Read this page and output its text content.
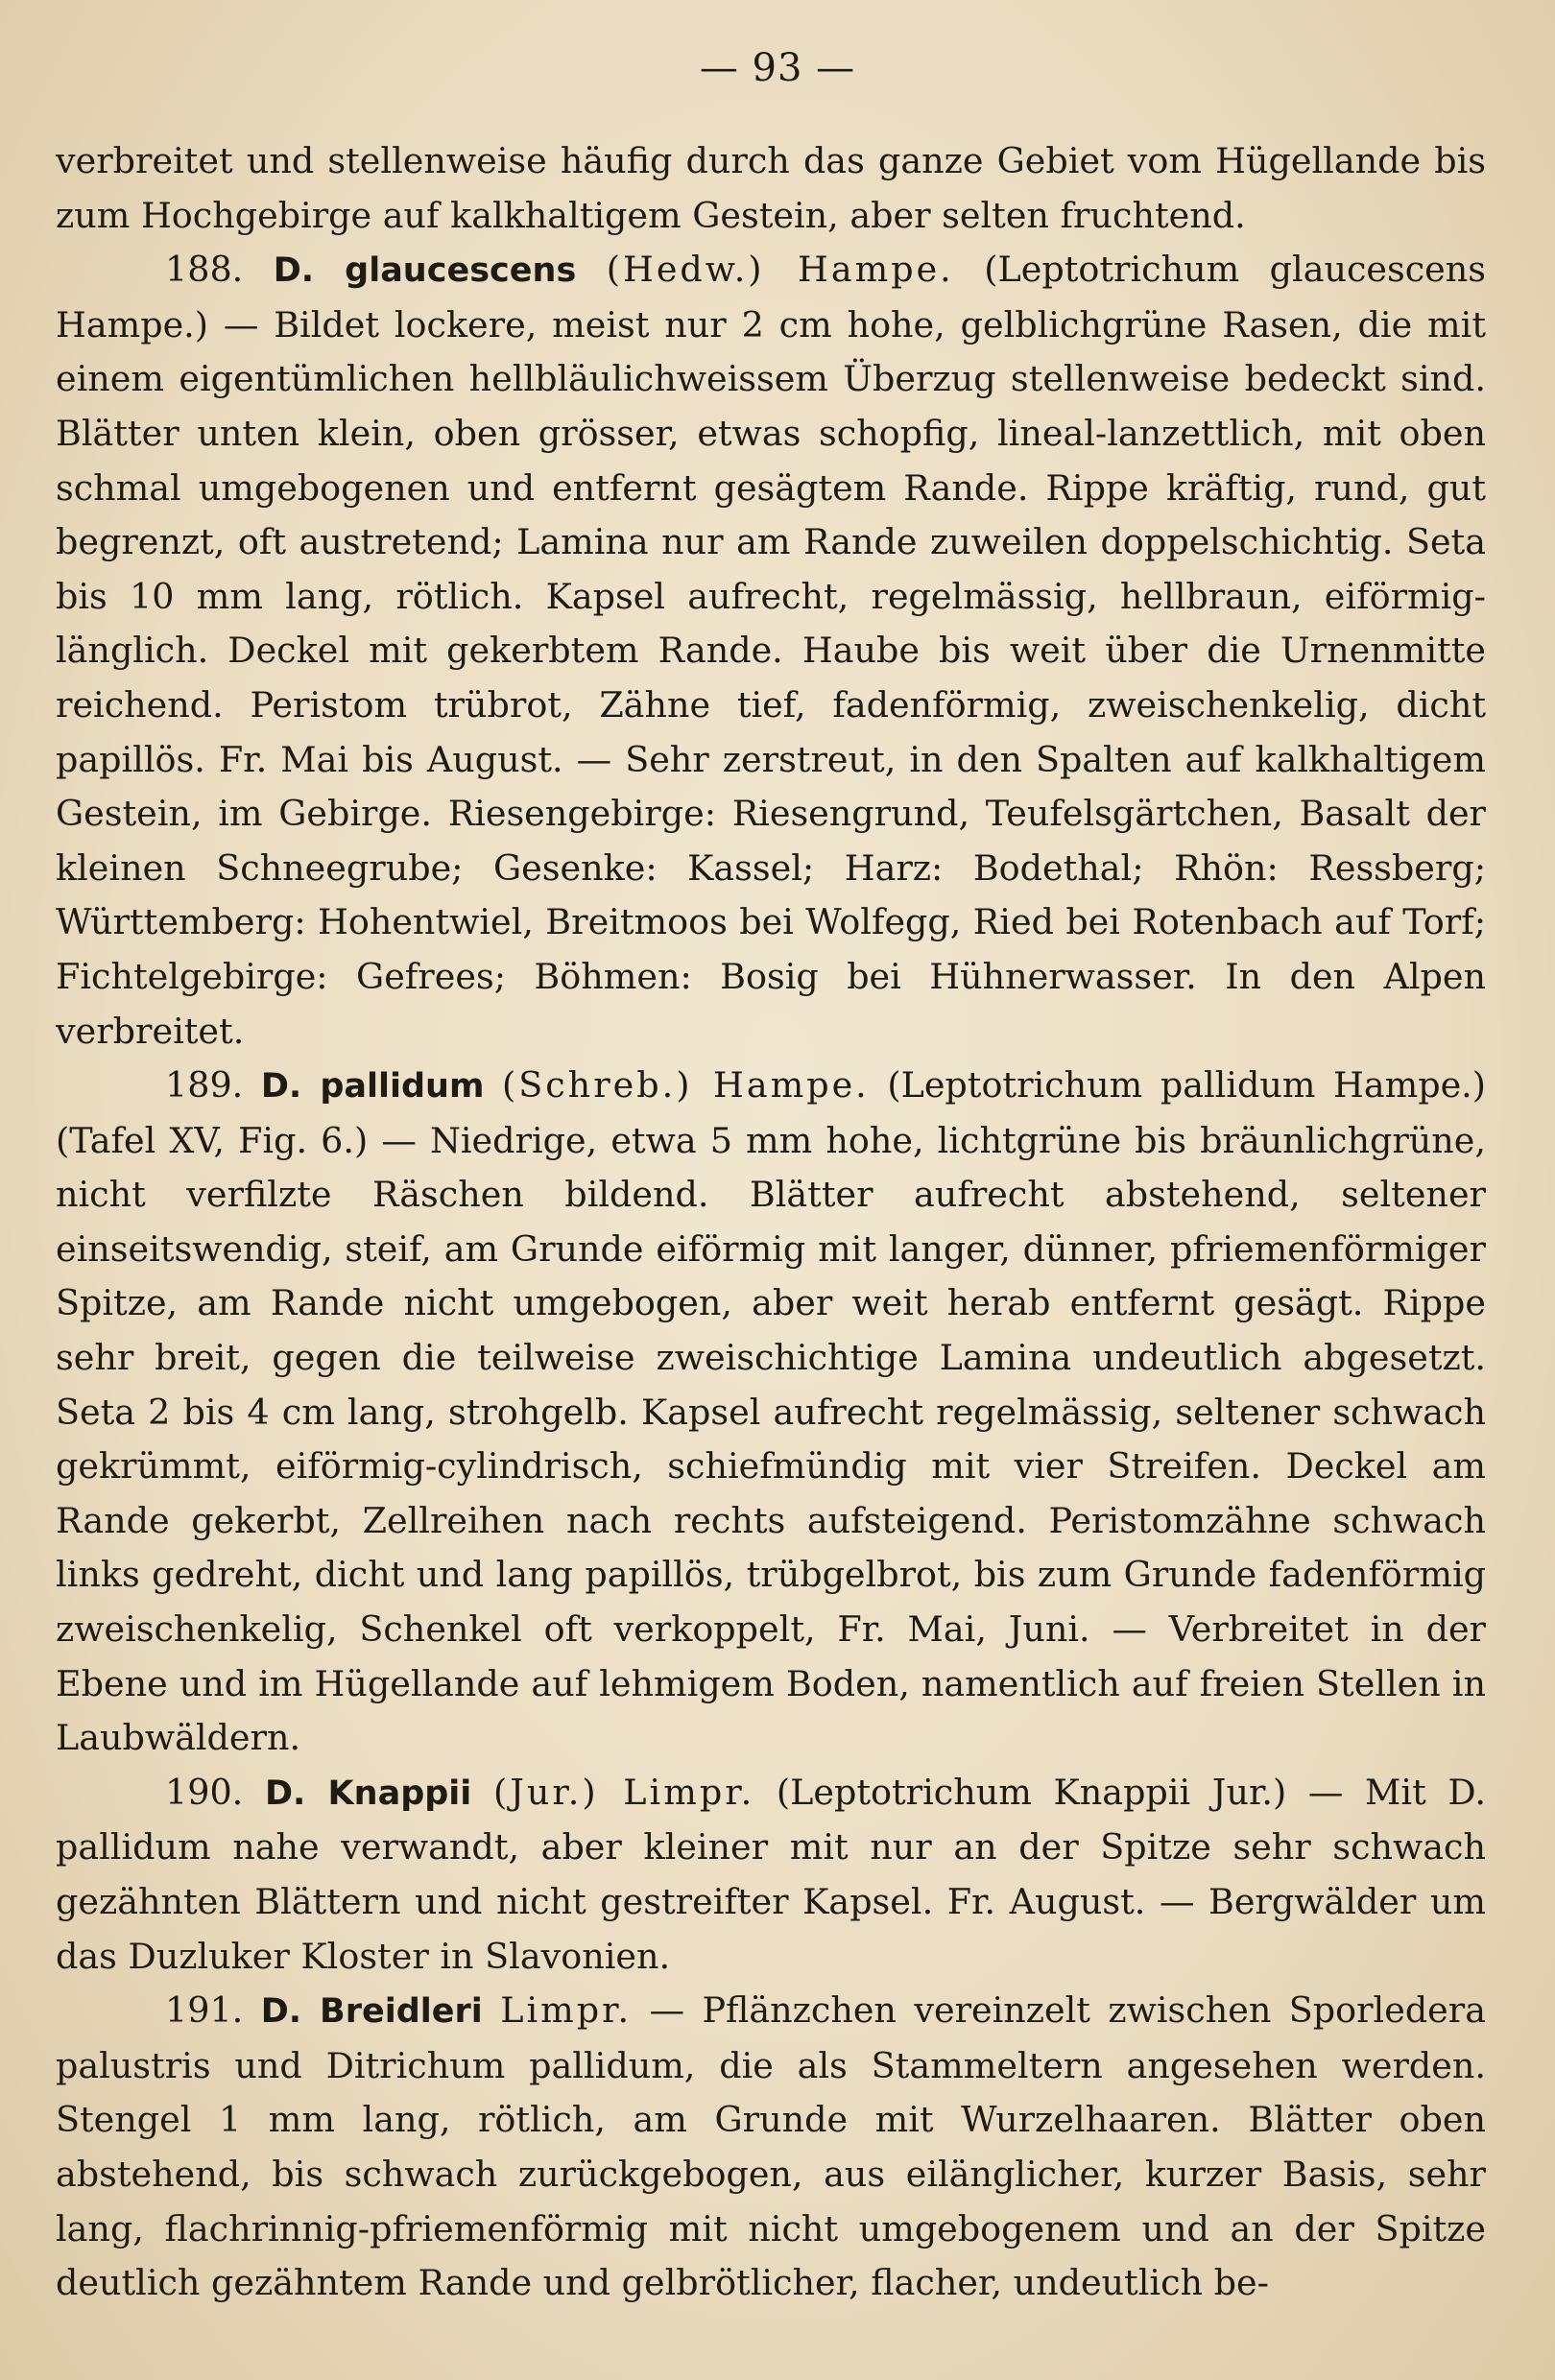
— 93 —

verbreitet und stellenweise häufig durch das ganze Gebiet vom Hügellande bis zum Hochgebirge auf kalkhaltigem Gestein, aber selten fruchtend.

188. D. glaucescens (Hedw.) Hampe. (Leptotrichum glaucescens Hampe.) — Bildet lockere, meist nur 2 cm hohe, gelblichgrüne Rasen, die mit einem eigentümlichen hellbläulichweissem Überzug stellenweise bedeckt sind. Blätter unten klein, oben grösser, etwas schopfig, lineal-lanzettlich, mit oben schmal umgebogenen und entfernt gesägtem Rande. Rippe kräftig, rund, gut begrenzt, oft austretend; Lamina nur am Rande zuweilen doppelschichtig. Seta bis 10 mm lang, rötlich. Kapsel aufrecht, regelmässig, hellbraun, eiförmig-länglich. Deckel mit gekerbtem Rande. Haube bis weit über die Urnenmitte reichend. Peristom trübrot, Zähne tief, fadenförmig, zweischenkelig, dicht papillös. Fr. Mai bis August. — Sehr zerstreut, in den Spalten auf kalkhaltigem Gestein, im Gebirge. Riesengebirge: Riesengrund, Teufelsgärtchen, Basalt der kleinen Schneegrube; Gesenke: Kassel; Harz: Bodethal; Rhön: Ressberg; Württemberg: Hohentwiel, Breitmoos bei Wolfegg, Ried bei Rotenbach auf Torf; Fichtelgebirge: Gefrees; Böhmen: Bosig bei Hühnerwasser. In den Alpen verbreitet.

189. D. pallidum (Schreb.) Hampe. (Leptotrichum pallidum Hampe.) (Tafel XV, Fig. 6.) — Niedrige, etwa 5 mm hohe, lichtgrüne bis bräunlichgrüne, nicht verfilzte Räschen bildend. Blätter aufrecht abstehend, seltener einseitswendig, steif, am Grunde eiförmig mit langer, dünner, pfriemenförmiger Spitze, am Rande nicht umgebogen, aber weit herab entfernt gesägt. Rippe sehr breit, gegen die teilweise zweischichtige Lamina undeutlich abgesetzt. Seta 2 bis 4 cm lang, strohgelb. Kapsel aufrecht regelmässig, seltener schwach gekrümmt, eiförmig-cylindrisch, schiefmündig mit vier Streifen. Deckel am Rande gekerbt, Zellreihen nach rechts aufsteigend. Peristomzähne schwach links gedreht, dicht und lang papillös, trübgelbrot, bis zum Grunde fadenförmig zweischenkelig, Schenkel oft verkoppelt, Fr. Mai, Juni. — Verbreitet in der Ebene und im Hügellande auf lehmigem Boden, namentlich auf freien Stellen in Laubwäldern.

190. D. Knappii (Jur.) Limpr. (Leptotrichum Knappii Jur.) — Mit D. pallidum nahe verwandt, aber kleiner mit nur an der Spitze sehr schwach gezähnten Blättern und nicht gestreifter Kapsel. Fr. August. — Bergwälder um das Duzluker Kloster in Slavonien.

191. D. Breidleri Limpr. — Pflänzchen vereinzelt zwischen Sporledera palustris und Ditrichum pallidum, die als Stammeltern angesehen werden. Stengel 1 mm lang, rötlich, am Grunde mit Wurzelhaaren. Blätter oben abstehend, bis schwach zurückgebogen, aus eilänglicher, kurzer Basis, sehr lang, flachrinnig-pfriemenförmig mit nicht umgebogenem und an der Spitze deutlich gezähntem Rande und gelbrötlicher, flacher, undeutlich be-
